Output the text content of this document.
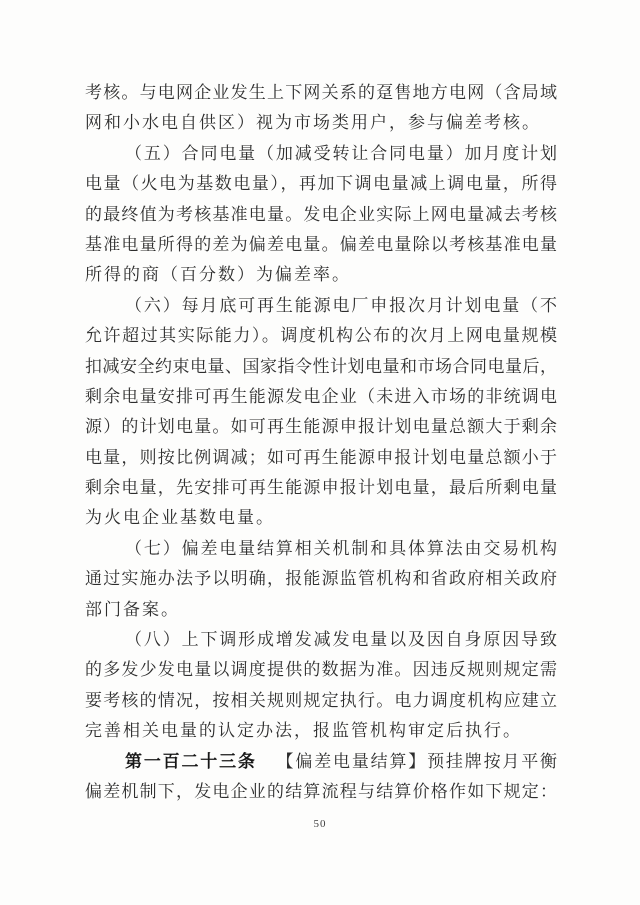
考核。与电网企业发生上下网关系的趸售地方电网（含局域
网和小水电自供区）视为市场类用户，参与偏差考核。
（五）合同电量（加减受转让合同电量）加月度计划
电量（火电为基数电量），再加下调电量减上调电量，所得
的最终值为考核基准电量。发电企业实际上网电量减去考核
基准电量所得的差为偏差电量。偏差电量除以考核基准电量
所得的商（百分数）为偏差率。
（六）每月底可再生能源电厂申报次月计划电量（不
允许超过其实际能力）。调度机构公布的次月上网电量规模
扣减安全约束电量、国家指令性计划电量和市场合同电量后，
剩余电量安排可再生能源发电企业（未进入市场的非统调电
源）的计划电量。如可再生能源申报计划电量总额大于剩余
电量，则按比例调减；如可再生能源申报计划电量总额小于
剩余电量，先安排可再生能源申报计划电量，最后所剩电量
为火电企业基数电量。
（七）偏差电量结算相关机制和具体算法由交易机构
通过实施办法予以明确，报能源监管机构和省政府相关政府
部门备案。
（八）上下调形成增发减发电量以及因自身原因导致
的多发少发电量以调度提供的数据为准。因违反规则规定需
要考核的情况，按相关规则规定执行。电力调度机构应建立
完善相关电量的认定办法，报监管机构审定后执行。
第一百二十三条 【偏差电量结算】预挂牌按月平衡
偏差机制下，发电企业的结算流程与结算价格作如下规定：
50
